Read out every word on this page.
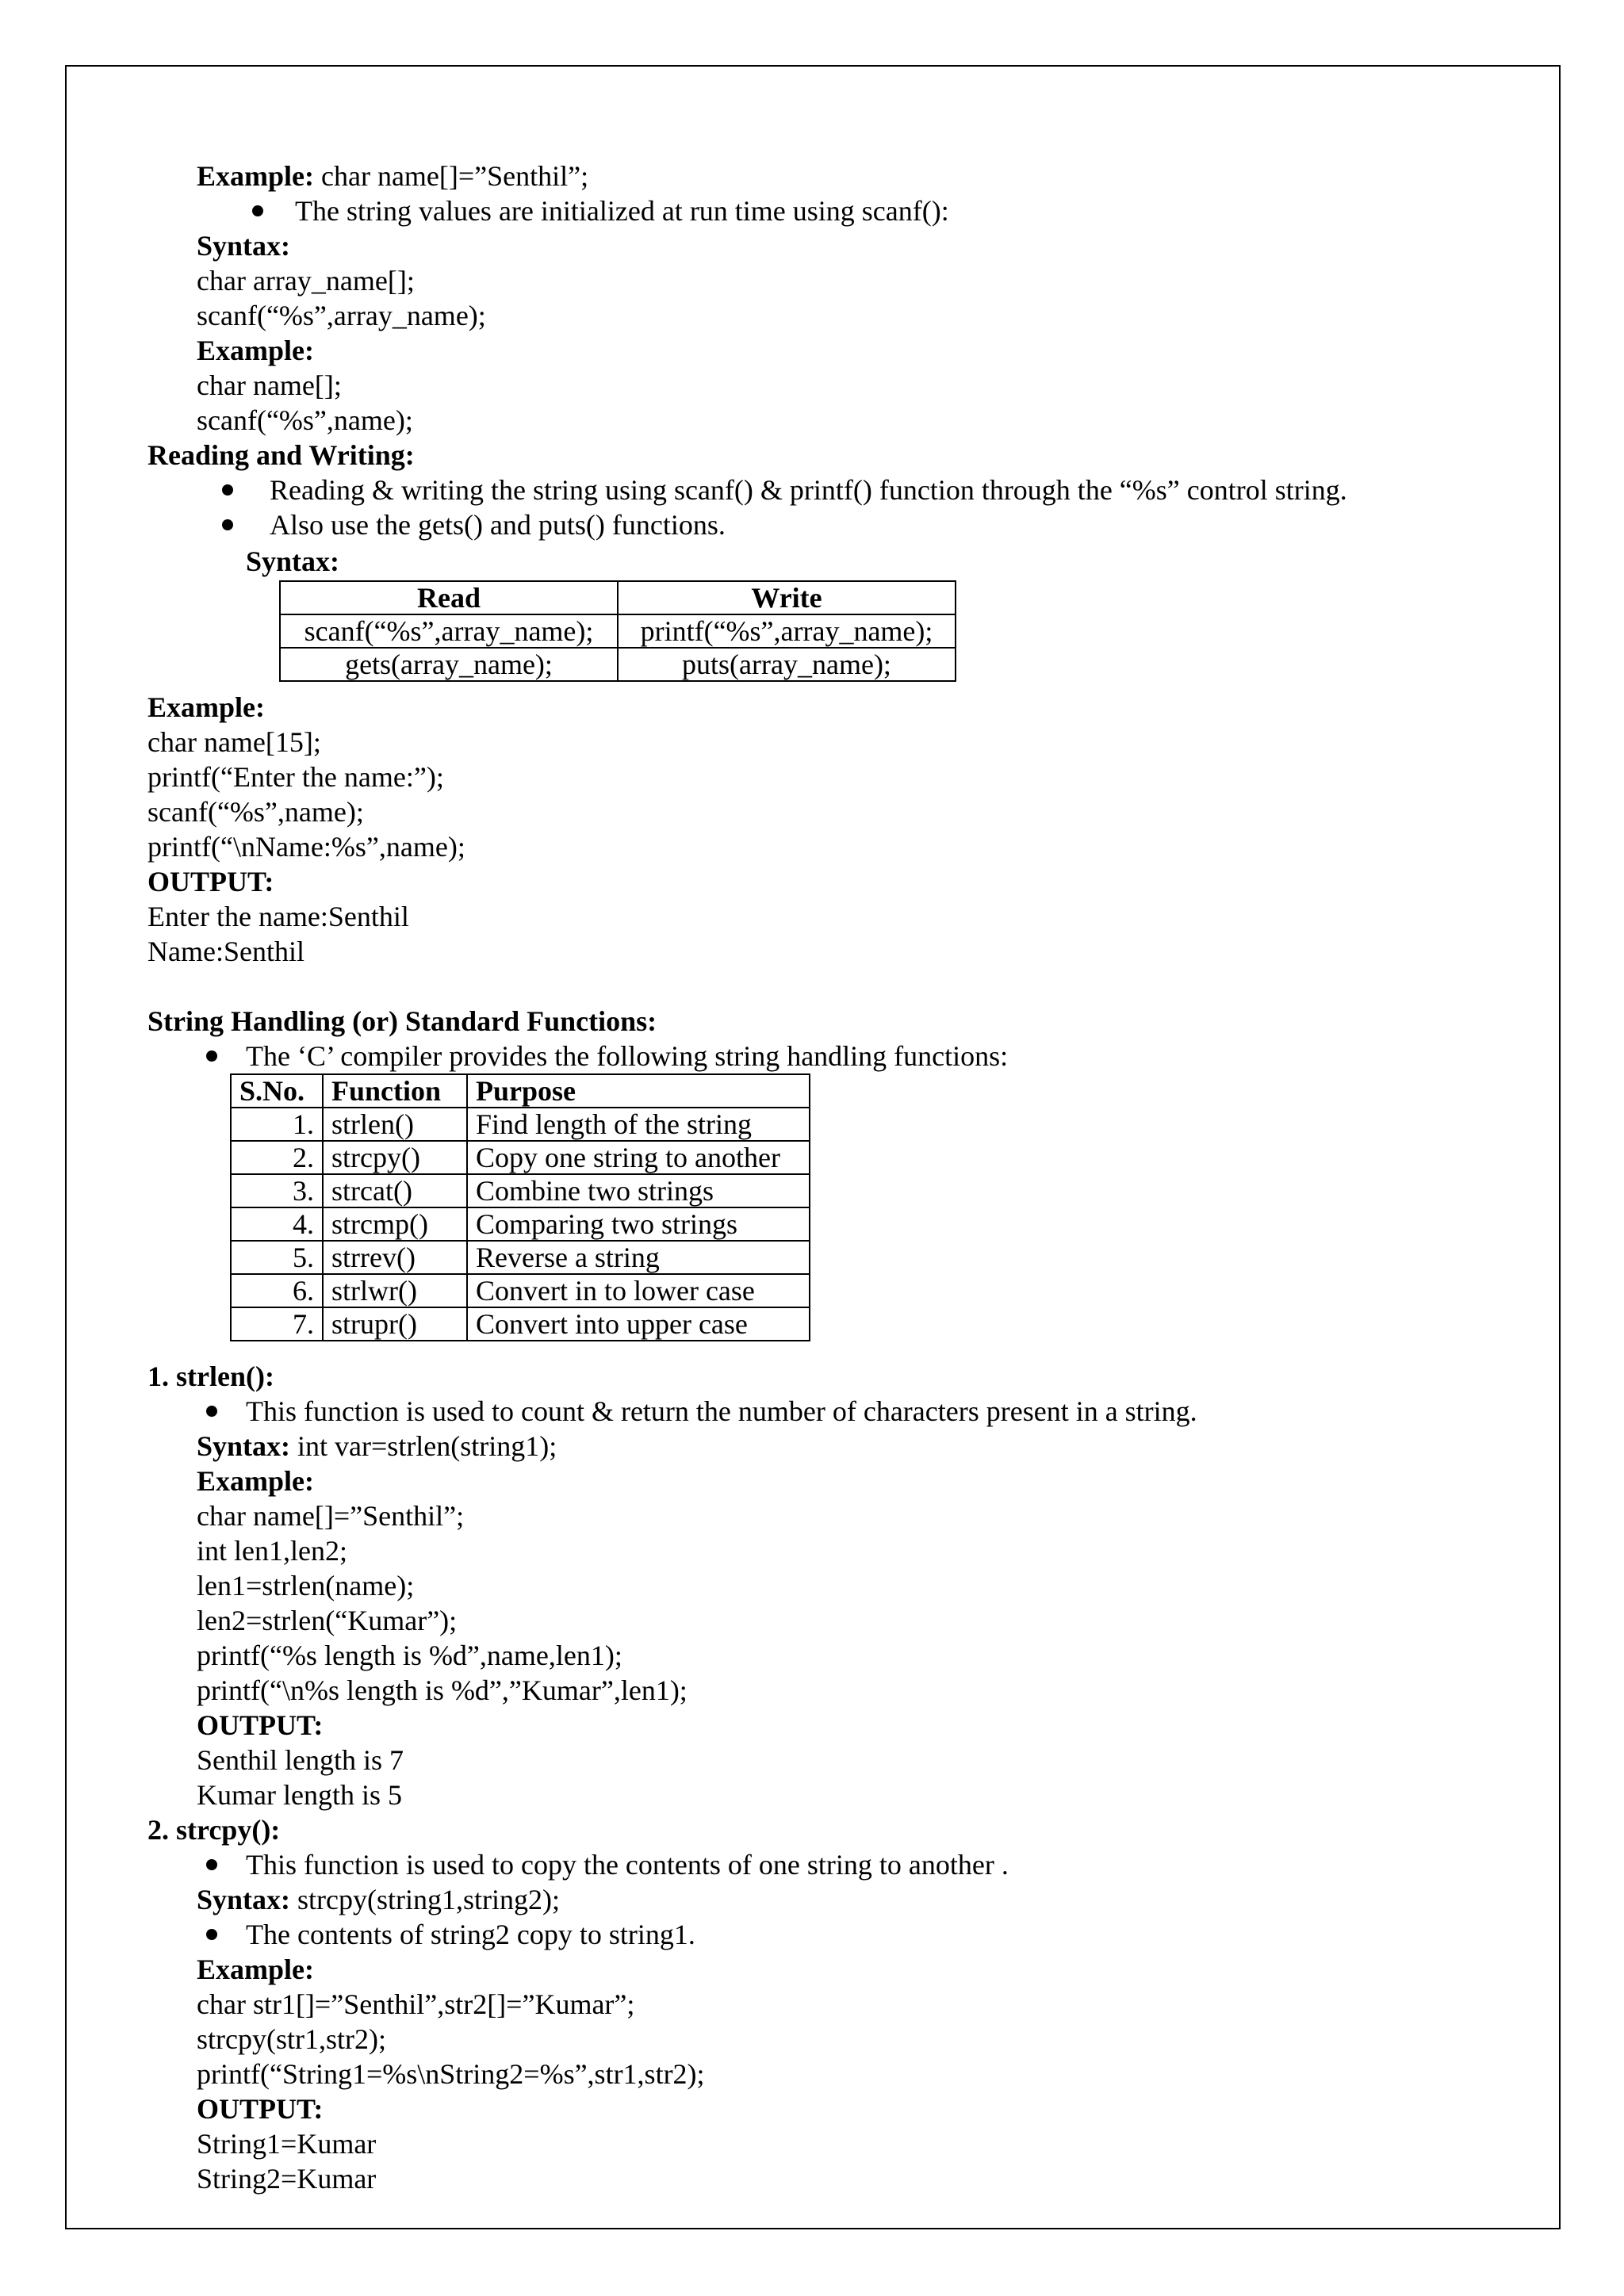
Example: char name[]=”Senthil”;

The string values are initialized at run time using scanf():

Syntax:

char array_name[];

scanf(“%s”,array_name);

Example:

char name[];

scanf(“%s”,name);

Reading and Writing:

Reading & writing the string using scanf() & printf() function through the “%s” control string.

Also use the gets() and puts() functions.

Syntax:

Read	Write
scanf(“%s”,array_name);	printf(“%s”,array_name);
gets(array_name);	puts(array_name);

Example:

char name[15];

printf(“Enter the name:”);

scanf(“%s”,name);

printf(“\nName:%s”,name);

OUTPUT:

Enter the name:Senthil

Name:Senthil

String Handling (or) Standard Functions:

The ‘C’ compiler provides the following string handling functions:

S.No.	Function	Purpose
1.	strlen()	Find length of the string
2.	strcpy()	Copy one string to another
3.	strcat()	Combine two strings
4.	strcmp()	Comparing two strings
5.	strrev()	Reverse a string
6.	strlwr()	Convert in to lower case
7.	strupr()	Convert into upper case

1. strlen():

This function is used to count & return the number of characters present in a string.

Syntax: int var=strlen(string1);

Example:

char name[]=”Senthil”;

int len1,len2;

len1=strlen(name);

len2=strlen(“Kumar”);

printf(“%s length is %d”,name,len1);

printf(“\n%s length is %d”,”Kumar”,len1);

OUTPUT:

Senthil length is 7

Kumar length is 5

2. strcpy():

This function is used to copy the contents of one string to another .

Syntax: strcpy(string1,string2);

The contents of string2 copy to string1.

Example:

char str1[]=”Senthil”,str2[]=”Kumar”;

strcpy(str1,str2);

printf(“String1=%s\nString2=%s”,str1,str2);

OUTPUT:

String1=Kumar

String2=Kumar
